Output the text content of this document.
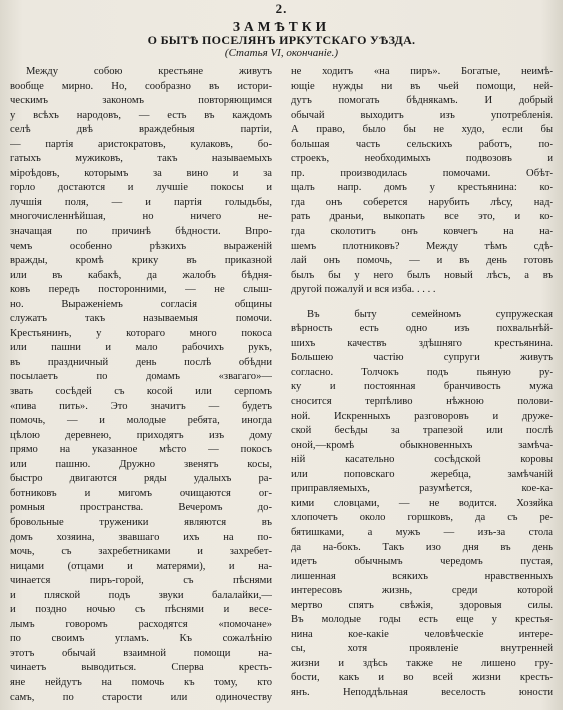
2.
ЗАМѢТКИ
О БЫТѢ ПОСЕЛЯНЪ ИРКУТСКАГО УѢЗДА.
(Статья VI, окончаніе.)
Между собою крестьяне живутъ
вообще мирно. Но, сообразно въ истори-
ческимъ закономъ повторяющимся
у всѣхъ народовъ, — есть въ каждомъ
селѣ двѣ враждебныя партіи,
— партія аристократовъ, кулаковъ, бо-
гатыхъ мужиковъ, такъ называемыхъ
міроѣдовъ, которымъ за вино и за
горло достаются и лучшіе покосы и
лучшія поля, — и партія голыдьбы,
многочисленнѣйшая, но ничего не-
значащая по причинѣ бѣдности. Впро-
чемъ особенно рѣзкихъ выраженій
вражды, кромѣ крику въ приказной
или въ кабакѣ, да жалобъ бѣдня-
ковъ передъ посторонними, — не слыш-
но. Выраженіемъ согласія общины
служатъ такъ называемыя помочи.
Крестьянинъ, у котораго много покоса
или пашни и мало рабочихъ рукъ,
въ праздничный день послѣ обѣдни
посылаетъ по домамъ «звагаго»—
звать сосѣдей съ косой или серпомъ
«пива пить». Это значитъ — будетъ
помочь, — и молодые ребята, иногда
цѣлою деревнею, приходятъ изъ дому
прямо на указанное мѣсто — покосъ
или пашню. Дружно звенятъ косы,
быстро двигаются ряды удалыхъ ра-
ботниковъ и мигомъ очищаются ог-
ромныя пространства. Вечеромъ до-
бровольные труженики являются въ
домъ хозяина, звавшаго ихъ на по-
мочь, съ захребетниками и захребет-
ницами (отцами и матерями), и на-
чинается пиръ-горой, съ пѣснями
и пляской подъ звуки балалайки,—
и поздно ночью съ пѣснями и весе-
лымъ говоромъ расходятся «помочане»
по своимъ угламъ. Къ сожалѣнію
этотъ обычай взаимной помощи на-
чинаетъ выводиться. Сперва кресть-
яне нейдутъ на помочь къ тому, кто
самъ, по старости или одиночеству
не ходитъ «на пиръ». Богатые, неимѣ-
ющіе нужды ни въ чьей помощи, ней-
дутъ помогать бѣднякамъ. И добрый
обычай выходитъ изъ употребленія.
А право, было бы не худо, если бы
большая часть сельскихъ работъ, по-
строекъ, необходимыхъ подвозовъ и
пр. производилась помочами. Обѣт-
щалъ напр. домъ у крестьянина: ко-
гда онъ соберется нарубить лѣсу, над-
рать драньи, выкопать все это, и ко-
гда сколотитъ онъ ковчегъ на на-
шемъ плотниковъ? Между тѣмъ сдѣ-
лай онъ помочь, — и въ день готовъ
былъ бы у него былъ новый лѣсъ, а въ
другой пожалуй и вся изба. . . . .
Въ быту семейномъ супружеская
вѣрность есть одно изъ похвальнѣй-
шихъ качествъ здѣшняго крестьянина.
Большею частію супруги живутъ
согласно. Толчокъ подъ пьяную ру-
ку и постоянная бранчивость мужа
сносится терпѣливо нѣжною полови-
ной. Искренныхъ разговоровъ и друже-
ской бесѣды за трапезой или послѣ
оной,—кромѣ обыкновенныхъ замѣча-
ній касательно сосѣдской коровы
или поповскаго жеребца, замѣчаній
приправляемыхъ, разумѣется, кое-ка-
кими словцами, — не водится. Хозяйка
хлопочетъ около горшковъ, да съ ре-
бятишками, а мужъ — изъ-за стола
да на-бокъ. Такъ изо дня въ день
идетъ обычнымъ чередомъ пустая,
лишенная всякихъ нравственныхъ
интересовъ жизнь, среди которой
мертво спятъ свѣжія, здоровыя силы.
Въ молодые годы есть еще у крестья-
нина кое-какіе человѣческіе интере-
сы, хотя проявленіе внутренней
жизни и здѣсь также не лишено гру-
бости, какъ и во всей жизни кресть-
янъ. Неподдѣльная веселость юности
